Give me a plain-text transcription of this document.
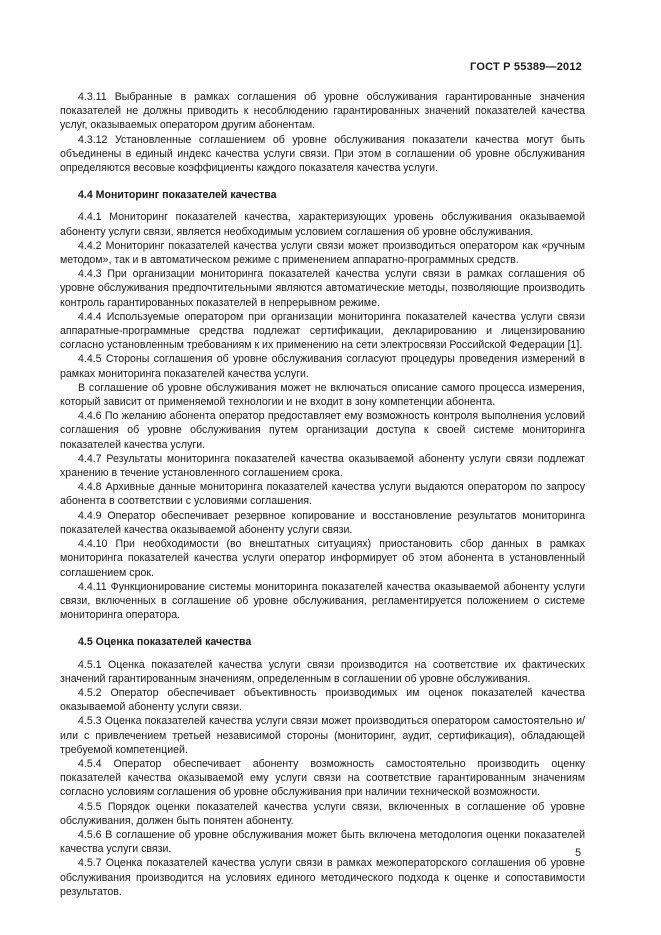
ГОСТ Р 55389—2012

4.3.11 Выбранные в рамках соглашения об уровне обслуживания гарантированные значения показателей не должны приводить к несоблюдению гарантированных значений показателей качества услуг, оказываемых оператором другим абонентам.

4.3.12 Установленные соглашением об уровне обслуживания показатели качества могут быть объединены в единый индекс качества услуги связи. При этом в соглашении об уровне обслуживания определяются весовые коэффициенты каждого показателя качества услуги.

4.4 Мониторинг показателей качества

4.4.1 Мониторинг показателей качества, характеризующих уровень обслуживания оказываемой абоненту услуги связи, является необходимым условием соглашения об уровне обслуживания.

4.4.2 Мониторинг показателей качества услуги связи может производиться оператором как «ручным методом», так и в автоматическом режиме с применением аппаратно-программных средств.

4.4.3 При организации мониторинга показателей качества услуги связи в рамках соглашения об уровне обслуживания предпочтительными являются автоматические методы, позволяющие производить контроль гарантированных показателей в непрерывном режиме.

4.4.4 Используемые оператором при организации мониторинга показателей качества услуги связи аппаратные-программные средства подлежат сертификации, декларированию и лицензированию согласно установленным требованиям к их применению на сети электросвязи Российской Федерации [1].

4.4.5 Стороны соглашения об уровне обслуживания согласуют процедуры проведения измерений в рамках мониторинга показателей качества услуги.

В соглашение об уровне обслуживания может не включаться описание самого процесса измерения, который зависит от применяемой технологии и не входит в зону компетенции абонента.

4.4.6 По желанию абонента оператор предоставляет ему возможность контроля выполнения условий соглашения об уровне обслуживания путем организации доступа к своей системе мониторинга показателей качества услуги.

4.4.7 Результаты мониторинга показателей качества оказываемой абоненту услуги связи подлежат хранению в течение установленного соглашением срока.

4.4.8 Архивные данные мониторинга показателей качества услуги выдаются оператором по запросу абонента в соответствии с условиями соглашения.

4.4.9 Оператор обеспечивает резервное копирование и восстановление результатов мониторинга показателей качества оказываемой абоненту услуги связи.

4.4.10 При необходимости (во внештатных ситуациях) приостановить сбор данных в рамках мониторинга показателей качества услуги оператор информирует об этом абонента в установленный соглашением срок.

4.4.11 Функционирование системы мониторинга показателей качества оказываемой абоненту услуги связи, включенных в соглашение об уровне обслуживания, регламентируется положением о системе мониторинга оператора.

4.5 Оценка показателей качества

4.5.1 Оценка показателей качества услуги связи производится на соответствие их фактических значений гарантированным значениям, определенным в соглашении об уровне обслуживания.

4.5.2 Оператор обеспечивает объективность производимых им оценок показателей качества оказываемой абоненту услуги связи.

4.5.3 Оценка показателей качества услуги связи может производиться оператором самостоятельно и/или с привлечением третьей независимой стороны (мониторинг, аудит, сертификация), обладающей требуемой компетенцией.

4.5.4 Оператор обеспечивает абоненту возможность самостоятельно производить оценку показателей качества оказываемой ему услуги связи на соответствие гарантированным значениям согласно условиям соглашения об уровне обслуживания при наличии технической возможности.

4.5.5 Порядок оценки показателей качества услуги связи, включенных в соглашение об уровне обслуживания, должен быть понятен абоненту.

4.5.6 В соглашение об уровне обслуживания может быть включена методология оценки показателей качества услуги связи.

4.5.7 Оценка показателей качества услуги связи в рамках межоператорского соглашения об уровне обслуживания производится на условиях единого методического подхода к оценке и сопоставимости результатов.

5
